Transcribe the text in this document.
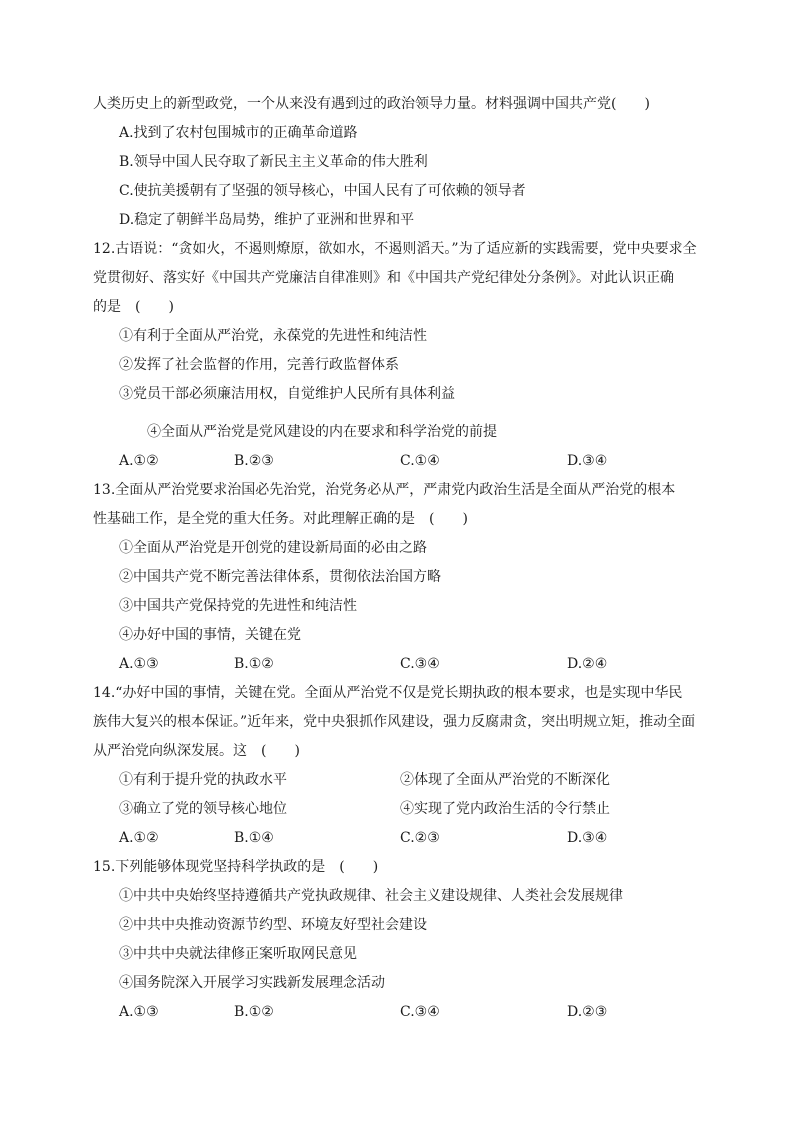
人类历史上的新型政党，一个从来没有遇到过的政治领导力量。材料强调中国共产党(　　)
A.找到了农村包围城市的正确革命道路
B.领导中国人民夺取了新民主主义革命的伟大胜利
C.使抗美援朝有了坚强的领导核心，中国人民有了可依赖的领导者
D.稳定了朝鲜半岛局势，维护了亚洲和世界和平
12.古语说：“贪如火，不遏则燎原，欲如水，不遏则滔天。”为了适应新的实践需要，党中央要求全
党贯彻好、落实好《中国共产党廉洁自律准则》和《中国共产党纪律处分条例》。对此认识正确
的是　(　　)
①有利于全面从严治党，永葆党的先进性和纯洁性
②发挥了社会监督的作用，完善行政监督体系
③党员干部必须廉洁用权，自觉维护人民所有具体利益
④全面从严治党是党风建设的内在要求和科学治党的前提
A.①②	B.②③	C.①④	D.③④
13.全面从严治党要求治国必先治党，治党务必从严，严肃党内政治生活是全面从严治党的根本
性基础工作，是全党的重大任务。对此理解正确的是　(　　)
①全面从严治党是开创党的建设新局面的必由之路
②中国共产党不断完善法律体系，贯彻依法治国方略
③中国共产党保持党的先进性和纯洁性
④办好中国的事情，关键在党
A.①③	B.①②	C.③④	D.②④
14.“办好中国的事情，关键在党。全面从严治党不仅是党长期执政的根本要求，也是实现中华民
族伟大复兴的根本保证。”近年来，党中央狠抓作风建设，强力反腐肃贪，突出明规立矩，推动全面
从严治党向纵深发展。这　(　　)
①有利于提升党的执政水平	②体现了全面从严治党的不断深化
③确立了党的领导核心地位	④实现了党内政治生活的令行禁止
A.①②	B.①④	C.②③	D.③④
15.下列能够体现党坚持科学执政的是　(　　)
①中共中央始终坚持遵循共产党执政规律、社会主义建设规律、人类社会发展规律
②中共中央推动资源节约型、环境友好型社会建设
③中共中央就法律修正案听取网民意见
④国务院深入开展学习实践新发展理念活动
A.①③	B.①②	C.③④	D.②③
